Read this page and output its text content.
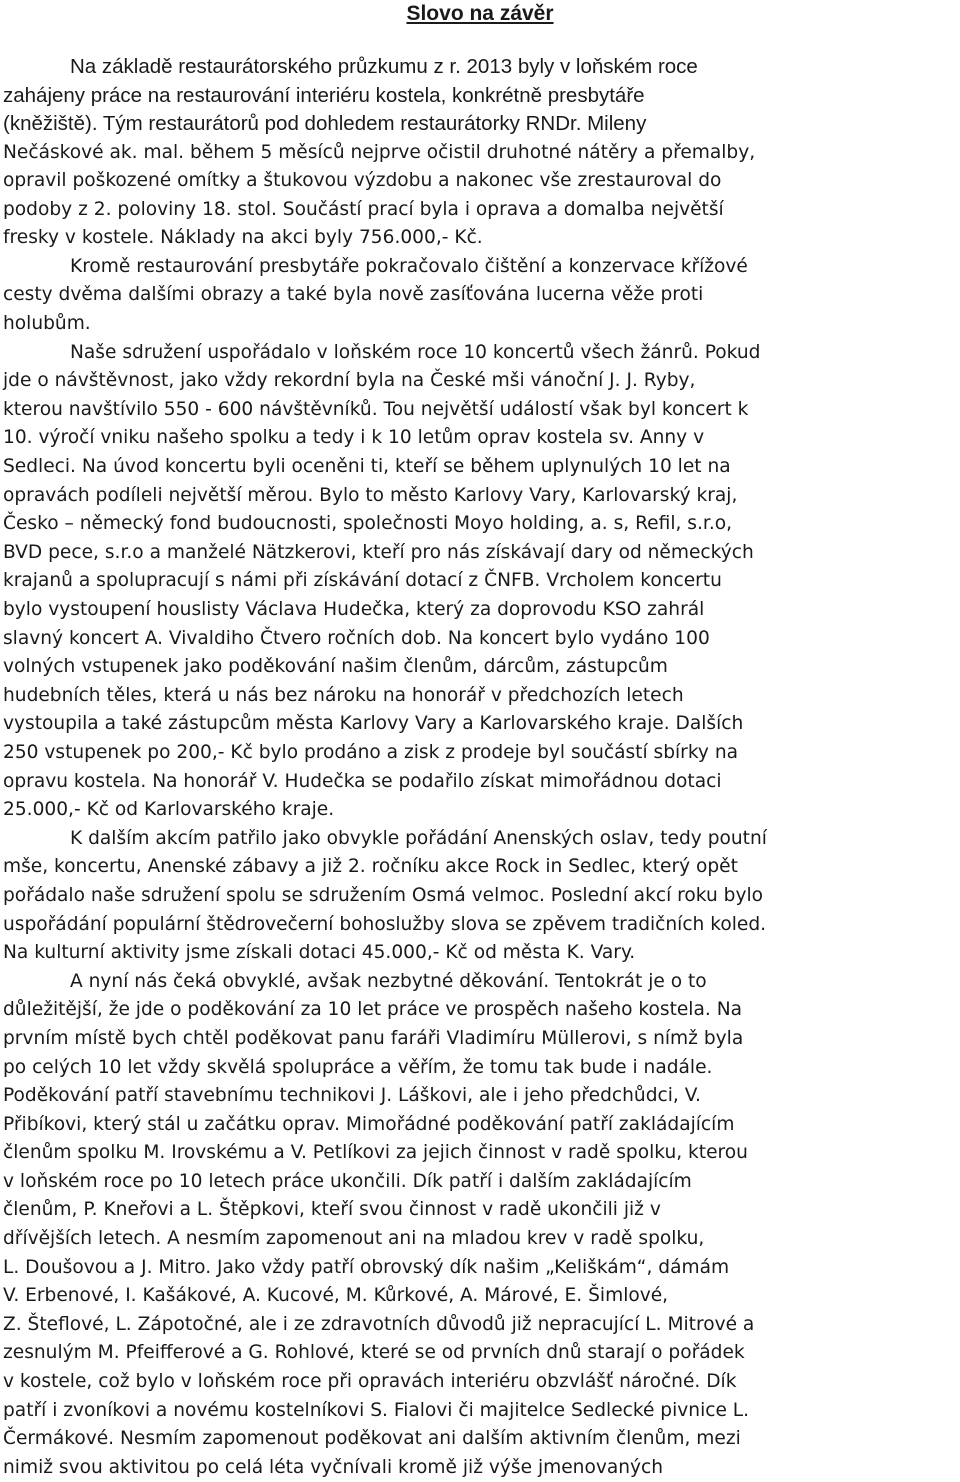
Slovo na závěr
Na základě restaurátorského průzkumu z r. 2013 byly v loňském roce
zahájeny práce na restaurování interiéru kostela, konkrétně presbytáře
(kněžiště). Tým restaurátorů pod dohledem restaurátorky RNDr. Mileny
Nečáskové ak. mal. během 5 měsíců nejprve očistil druhotné nátěry a přemalby,
opravil poškozené omítky a štukovou výzdobu a nakonec vše zrestauroval do
podoby z 2. poloviny 18. stol. Součástí prací byla i oprava a domalba největší
fresky v kostele. Náklady na akci byly 756.000,- Kč.
Kromě restaurování presbytáře pokračovalo čištění a konzervace křížové
cesty dvěma dalšími obrazy a také byla nově zasíťována lucerna věže proti
holubům.
Naše sdružení uspořádalo v loňském roce 10 koncertů všech žánrů. Pokud
jde o návštěvnost, jako vždy rekordní byla na České mši vánoční J. J. Ryby,
kterou navštívilo 550 - 600 návštěvníků. Tou největší událostí však byl koncert k
10. výročí vniku našeho spolku a tedy i k 10 letům oprav kostela sv. Anny v
Sedleci. Na úvod koncertu byli oceněni ti, kteří se během uplynulých 10 let na
opravách podíleli největší měrou. Bylo to město Karlovy Vary, Karlovarský kraj,
Česko – německý fond budoucnosti, společnosti Moyo holding, a. s, Refil, s.r.o,
BVD pece, s.r.o a manželé Nätzkerovi, kteří pro nás získávají dary od německých
krajanů a spolupracují s námi při získávání dotací z ČNFB. Vrcholem koncertu
bylo vystoupení houslisty Václava Hudečka, který za doprovodu KSO zahrál
slavný koncert A. Vivaldiho Čtvero ročních dob. Na koncert bylo vydáno 100
volných vstupenek jako poděkování našim členům, dárcům, zástupcům
hudebních těles, která u nás bez nároku na honorář v předchozích letech
vystoupila a také zástupcům města Karlovy Vary a Karlovarského kraje. Dalších
250 vstupenek po 200,- Kč bylo prodáno a zisk z prodeje byl součástí sbírky na
opravu kostela. Na honorář V. Hudečka se podařilo získat mimořádnou dotaci
25.000,- Kč od Karlovarského kraje.
K dalším akcím patřilo jako obvykle pořádání Anenských oslav, tedy poutní
mše, koncertu, Anenské zábavy a již 2. ročníku akce Rock in Sedlec, který opět
pořádalo naše sdružení spolu se sdružením Osmá velmoc. Poslední akcí roku bylo
uspořádání populární štědrovečerní bohoslužby slova se zpěvem tradičních koled.
Na kulturní aktivity jsme získali dotaci 45.000,- Kč od města K. Vary.
A nyní nás čeká obvyklé, avšak nezbytné děkování. Tentokrát je o to
důležitější, že jde o poděkování za 10 let práce ve prospěch našeho kostela. Na
prvním místě bych chtěl poděkovat panu faráři Vladimíru Müllerovi, s nímž byla
po celých 10 let vždy skvělá spolupráce a věřím, že tomu tak bude i nadále.
Poděkování patří stavebnímu technikovi J. Láškovi, ale i jeho předchůdci, V.
Přibíkovi, který stál u začátku oprav. Mimořádné poděkování patří zakládajícím
členům spolku M. Irovskému a V. Petlíkovi za jejich činnost v radě spolku, kterou
v loňském roce po 10 letech práce ukončili. Dík patří i dalším zakládajícím
členům, P. Kneřovi a L. Štěpkovi, kteří svou činnost v radě ukončili již v
dřívějších letech. A nesmím zapomenout ani na mladou krev v radě spolku,
L. Doušovou a J. Mitro. Jako vždy patří obrovský dík našim „Keliškám“, dámám
V. Erbenové, I. Kašákové, A. Kucové, M. Kůrkové, A. Márové, E. Šimlové,
Z. Šteflové, L. Zápotočné, ale i ze zdravotních důvodů již nepracující L. Mitrové a
zesnulým M. Pfeifferové a G. Rohlové, které se od prvních dnů starají o pořádek
v kostele, což bylo v loňském roce při opravách interiéru obzvlášť náročné. Dík
patří i zvoníkovi a novému kostelníkovi S. Fialovi či majitelce Sedlecké pivnice L.
Čermákové. Nesmím zapomenout poděkovat ani dalším aktivním členům, mezi
nimiž svou aktivitou po celá léta vyčnívali kromě již výše jmenovaných
